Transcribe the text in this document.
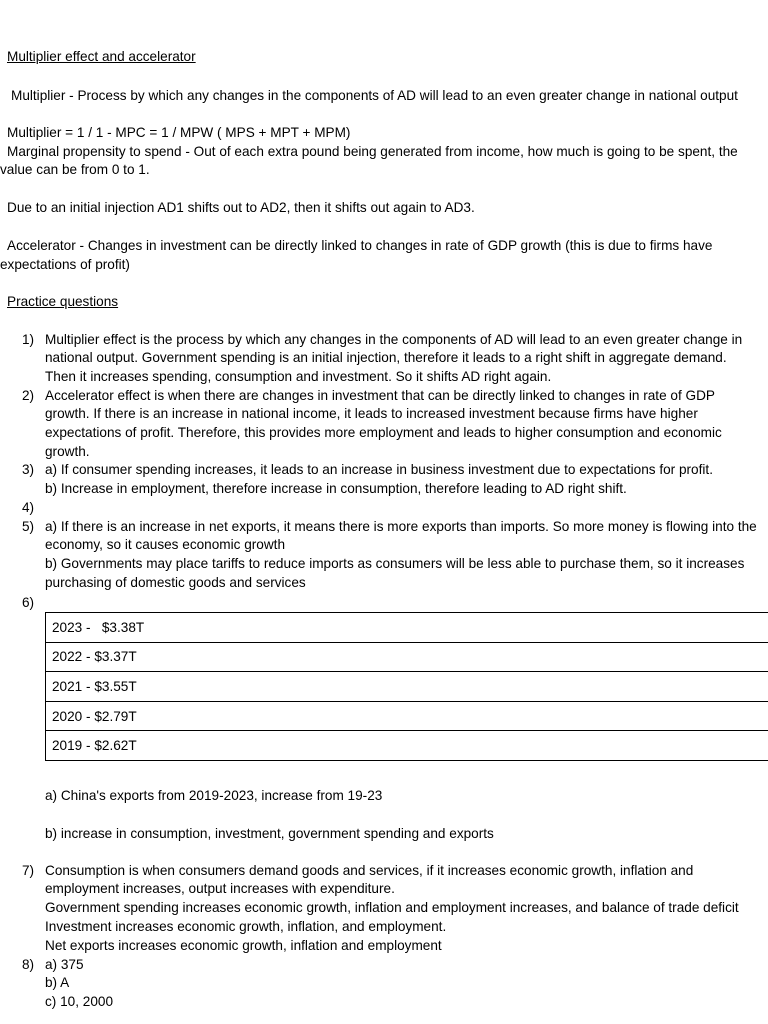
Multiplier effect and accelerator
Multiplier - Process by which any changes in the components of AD will lead to an even greater change in national output
Multiplier = 1 / 1 - MPC = 1 / MPW ( MPS + MPT + MPM)
Marginal propensity to spend - Out of each extra pound being generated from income, how much is going to be spent, the
value can be from 0 to 1.
Due to an initial injection AD1 shifts out to AD2, then it shifts out again to AD3.
Accelerator - Changes in investment can be directly linked to changes in rate of GDP growth (this is due to firms have
expectations of profit)
Practice questions
1) Multiplier effect is the process by which any changes in the components of AD will lead to an even greater change in
national output. Government spending is an initial injection, therefore it leads to a right shift in aggregate demand.
Then it increases spending, consumption and investment. So it shifts AD right again.
2) Accelerator effect is when there are changes in investment that can be directly linked to changes in rate of GDP
growth. If there is an increase in national income, it leads to increased investment because firms have higher
expectations of profit. Therefore, this provides more employment and leads to higher consumption and economic
growth.
3) a) If consumer spending increases, it leads to an increase in business investment due to expectations for profit.
b) Increase in employment, therefore increase in consumption, therefore leading to AD right shift.
4)
5) a) If there is an increase in net exports, it means there is more exports than imports. So more money is flowing into the
economy, so it causes economic growth
b) Governments may place tariffs to reduce imports as consumers will be less able to purchase them, so it increases
purchasing of domestic goods and services
6)
2023 -   $3.38T
2022 - $3.37T
2021 - $3.55T
2020 - $2.79T
2019 - $2.62T
a) China's exports from 2019-2023, increase from 19-23
b) increase in consumption, investment, government spending and exports
7) Consumption is when consumers demand goods and services, if it increases economic growth, inflation and
employment increases, output increases with expenditure.
Government spending increases economic growth, inflation and employment increases, and balance of trade deficit
Investment increases economic growth, inflation, and employment.
Net exports increases economic growth, inflation and employment
8) a) 375
b) A
c) 10, 2000
